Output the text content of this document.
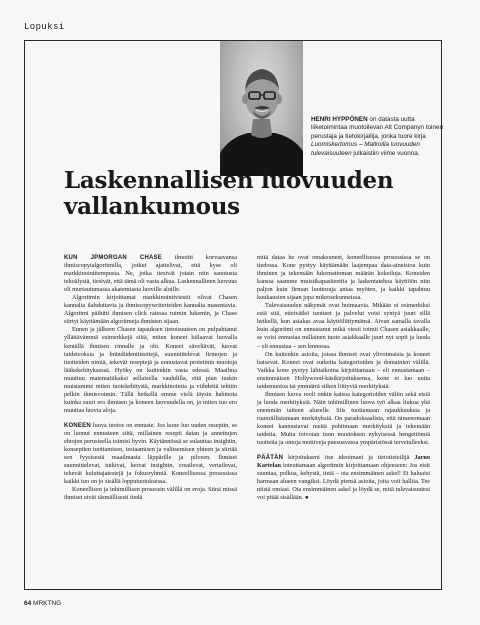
Lopuksi
Veli Pöntinen
HENRI HYPPÖNEN on datasta uutta liiketoimintaa muotoilevan Alt Companyn toinen perustaja ja tietokirjailija, jonka tuore kirja Luomiskertomus – Matkoilla luovuuden tulevaisuuteen julkaistiin viime vuonna.
Laskennallisen luovuuden vallankumous

KUN JPMORGAN CHASE ilmoitti korvaavansa ihmiscopytalgoritmilla, jotkut ajattelivat, että kyse oli markkinointitempusta. Ne, jotka tiesivät jotain niin sanotusta tekoälystä, tiesivät, että tämä oli vasta alkua. Laskennallinen luovuus oli murtautumassa akatemiasta luoville aloille.

Algoritmin kirjoittamat markkinointiviestit olivat Chasen kannalta ilahduttavia ja ihmiscopywriterieiden kannalta masentavia. Algoritmi päihitti ihmisen click ratessa ruimin lukemin, ja Chase siirtyi käyttämään algoritmeja ihmisten sijaan.

Ennen ja jälkeen Chasen tapauksen tietoisuuteen on pulpahtanut yllättävämmä esimerkkejä siitä, miten koneet kiilaavat luovalla kentällä ihmisen rinnalle ja ohi. Koneet säveltävät, luovat taideteoksia ja brändiidentiteettejä, suunnittelevat firmojen ja tuotteiden nimiä, tekevät reseptejä ja ennustavat proteiinin muotoja lääkekehityksessä. Hyöky on kuitenkin vasta edessä. Maailma muuttuu matematiikaksi sellaisella vauhdilla, että pian tuskin muistamme miten tuotekehitystä, markkinointia ja viihdettä tehtiin pelkin ihmisvoimin. Tällä hetkellä emme vielä täysin hahmota kuinka suuri ero ihmisen ja koneen luovuudella on, ja miten tuo ero muuttaa luovia aloja.

KONEEN luova tuotos on ennuste. Jos kone luo uuden reseptin, se on luonut ennusteen siitä, millainen resepti datan ja annettujen ehtojen perusteella toimisi hyvin. Käytännössä se sulauttaa insightin, konseptien tuottamisen, testaamisen ja valitsemisen yhteen ja siirtää sen fyysisestä maailmasta läppärille ja pilveen. Ihmiset suunnittelevat, tutkivat, luovat insightin, creailevat, vertailevat, tekevät kuluttajatestejä ja fokusryhmiä. Koneellisessa prosessissa kaikki tuo on jo sisällä lopputuotoksessa.

Koneellisen ja inhimillisen prosessin välillä on eroja. Siinä missä ihmiset eivät täsmällisesti tiedä

mitä dataa he ovat omaksuneet, koneellisessa prosessissa se on tiedossa. Kone pystyy käyttämään laajempaa data-aineistoa kuin ihminen ja tekemään lukemattoman määrän kokeiluja. Koneiden kanssa saamme muistikapasiteettia ja laskentatehoa käyttöön niin paljon kuin firman luottoraja antaa myöten, ja kaikki tapahtuu kuukausien sijaan jopa mikrosekunneissa.

Tulevaisuuden näkymät ovat huimaavia. Mikään ei esimerkiksi estä sitä, etteivätkö tuotteet ja palvelut voisi syntyä juuri sillä hetkellä, kun asiakas avaa käyttöliittymänsä. Aivan samalla tavalla kuin algoritmi on ennustanut mikä viesti toimii Chasen asiakkaalle, se voisi ennustaa millainen tuote asiakkaalle juuri nyt sopii ja luoda – eli ennustaa – sen lennossa.

On kuitenkin asioita, joissa ihmiset ovat ylivoimaisia ja koneet haisevat. Koneet ovat surkeita kategorioiden ja domainien välillä. Vaikka kone pystyy lähiaikoina kirjoittamaan – eli ennustamaan – ensimmäisen Hollywood-käsikirjoituksensa, kone ei luo uutta taidemuotoa tai ymmärrä siihen liittyviä merkityksiä.

Ihmisen luova rooli onkin katsoa kategorioiden väliin sekä etsiä ja luoda merkityksiä. Näin inhimillinen luova työ alkaa liukua yhä enemmän taiteen alueelle. Siis tuottamaan rajaukkuuksia ja ruumiillistamaan merkityksiä. On paradoksaalista, että nimenomaan koneet kannustavat meitä pohtimaan merkityksiä ja tekemään taidetta. Mutta toivotan tuon muutoksen nykyisessä hengettömiä tuotteita ja ontoja motiiveja puesuavassa ympäristössä tervetulleeksi.

PÄÄTÄN kirjoitukseni itse ideoimani ja tietotieteilijä Jarno Kartelan toteuttamaan algoritmin kirjoittamaan ohjeeseen: Jos etsit suuntaa, polkua, kehystä, tietä – ota ensimmäinen askel! Et haluaisi harmaan alueen vangiksi. Löydä piensä asioita, joita voit hallita. Tee niistä omiasi. Ota ensimmäinen askel ja löydä se, mitä tulevaisuutesi voi pitää sisällään. ●

64 MRKTNG
